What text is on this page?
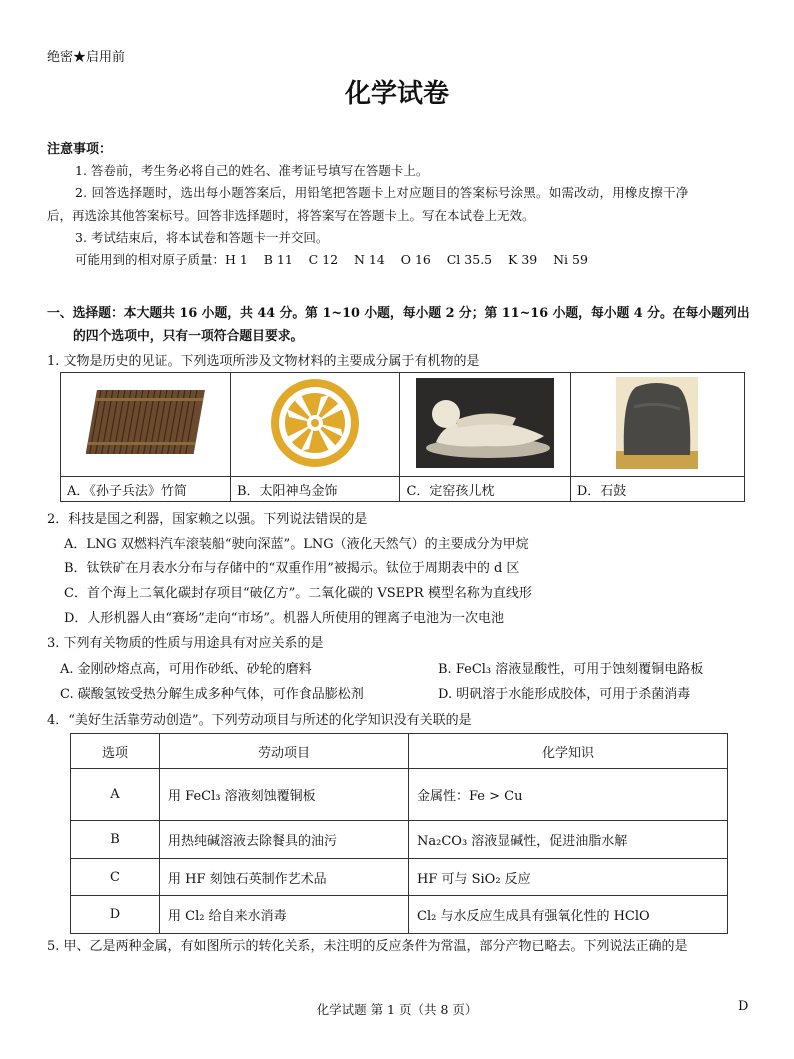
绝密★启用前
化学试卷
注意事项：
1. 答卷前，考生务必将自己的姓名、准考证号填写在答题卡上。
2. 回答选择题时，选出每小题答案后，用铅笔把答题卡上对应题目的答案标号涂黑。如需改动，用橡皮擦干净
后，再选涂其他答案标号。回答非选择题时，将答案写在答题卡上。写在本试卷上无效。
3. 考试结束后，将本试卷和答题卡一并交回。
可能用到的相对原子质量：H 1    B 11    C 12    N 14    O 16    Cl 35.5    K 39    Ni 59
一、选择题：本大题共 16 小题，共 44 分。第 1~10 小题，每小题 2 分；第 11~16 小题，每小题 4 分。在每小题列出
的四个选项中，只有一项符合题目要求。
1. 文物是历史的见证。下列选项所涉及文物材料的主要成分属于有机物的是

A．《孙子兵法》竹简	B．太阳神鸟金饰	C．定窑孩儿枕	D．石鼓
2．科技是国之利器，国家赖之以强。下列说法错误的是
A．LNG 双燃料汽车滚装船“驶向深蓝”。LNG（液化天然气）的主要成分为甲烷
B．钛铁矿在月表水分布与存储中的“双重作用”被揭示。钛位于周期表中的 d 区
C．首个海上二氧化碳封存项目“破亿方”。二氧化碳的 VSEPR 模型名称为直线形
D．人形机器人由“赛场”走向“市场”。机器人所使用的锂离子电池为一次电池
3. 下列有关物质的性质与用途具有对应关系的是
A. 金刚砂熔点高，可用作砂纸、砂轮的磨料	B. FeCl₃ 溶液显酸性，可用于蚀刻覆铜电路板
C. 碳酸氢铵受热分解生成多种气体，可作食品膨松剂	D. 明矾溶于水能形成胶体，可用于杀菌消毒
4．“美好生活靠劳动创造”。下列劳动项目与所述的化学知识没有关联的是
选项	劳动项目	化学知识
A	用 FeCl₃ 溶液刻蚀覆铜板	金属性：Fe > Cu
B	用热纯碱溶液去除餐具的油污	Na₂CO₃ 溶液显碱性，促进油脂水解
C	用 HF 刻蚀石英制作艺术品	HF 可与 SiO₂ 反应
D	用 Cl₂ 给自来水消毒	Cl₂ 与水反应生成具有强氧化性的 HClO
5. 甲、乙是两种金属，有如图所示的转化关系，未注明的反应条件为常温，部分产物已略去。下列说法正确的是
化学试题 第 1 页（共 8 页）	D
